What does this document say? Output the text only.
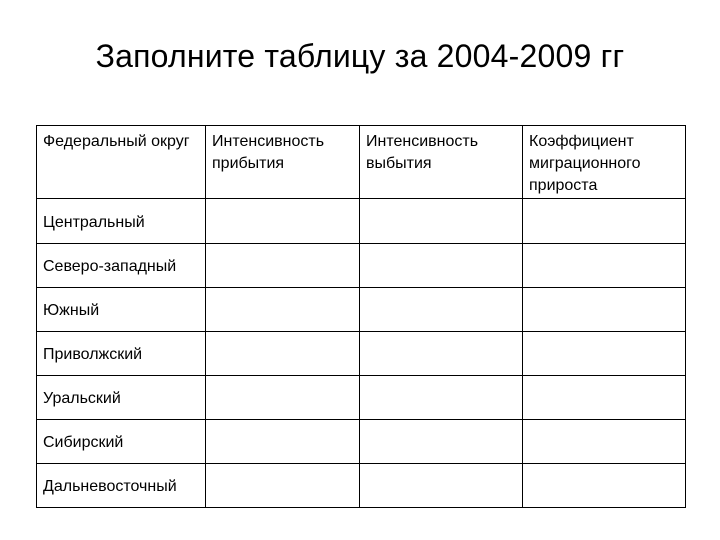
Заполните таблицу за 2004-2009 гг
Федеральный округ	Интенсивность прибытия	Интенсивность выбытия	Коэффициент миграционного прироста
Центральный			
Северо-западный			
Южный			
Приволжский			
Уральский			
Сибирский			
Дальневосточный			
